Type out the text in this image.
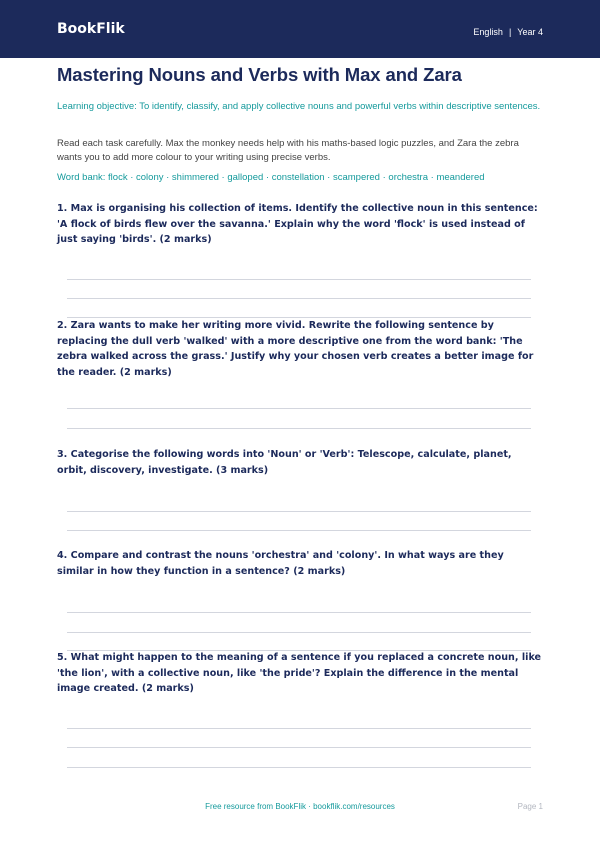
BookFlik	English | Year 4
Mastering Nouns and Verbs with Max and Zara
Learning objective: To identify, classify, and apply collective nouns and powerful verbs within descriptive sentences.
Read each task carefully. Max the monkey needs help with his maths-based logic puzzles, and Zara the zebra wants you to add more colour to your writing using precise verbs.
Word bank: flock · colony · shimmered · galloped · constellation · scampered · orchestra · meandered

1. Max is organising his collection of items. Identify the collective noun in this sentence: 'A flock of birds flew over the savanna.' Explain why the word 'flock' is used instead of just saying 'birds'. (2 marks)

2. Zara wants to make her writing more vivid. Rewrite the following sentence by replacing the dull verb 'walked' with a more descriptive one from the word bank: 'The zebra walked across the grass.' Justify why your chosen verb creates a better image for the reader. (2 marks)

3. Categorise the following words into 'Noun' or 'Verb': Telescope, calculate, planet, orbit, discovery, investigate. (3 marks)

4. Compare and contrast the nouns 'orchestra' and 'colony'. In what ways are they similar in how they function in a sentence? (2 marks)

5. What might happen to the meaning of a sentence if you replaced a concrete noun, like 'the lion', with a collective noun, like 'the pride'? Explain the difference in the mental image created. (2 marks)

Free resource from BookFlik · bookflik.com/resources	Page 1
